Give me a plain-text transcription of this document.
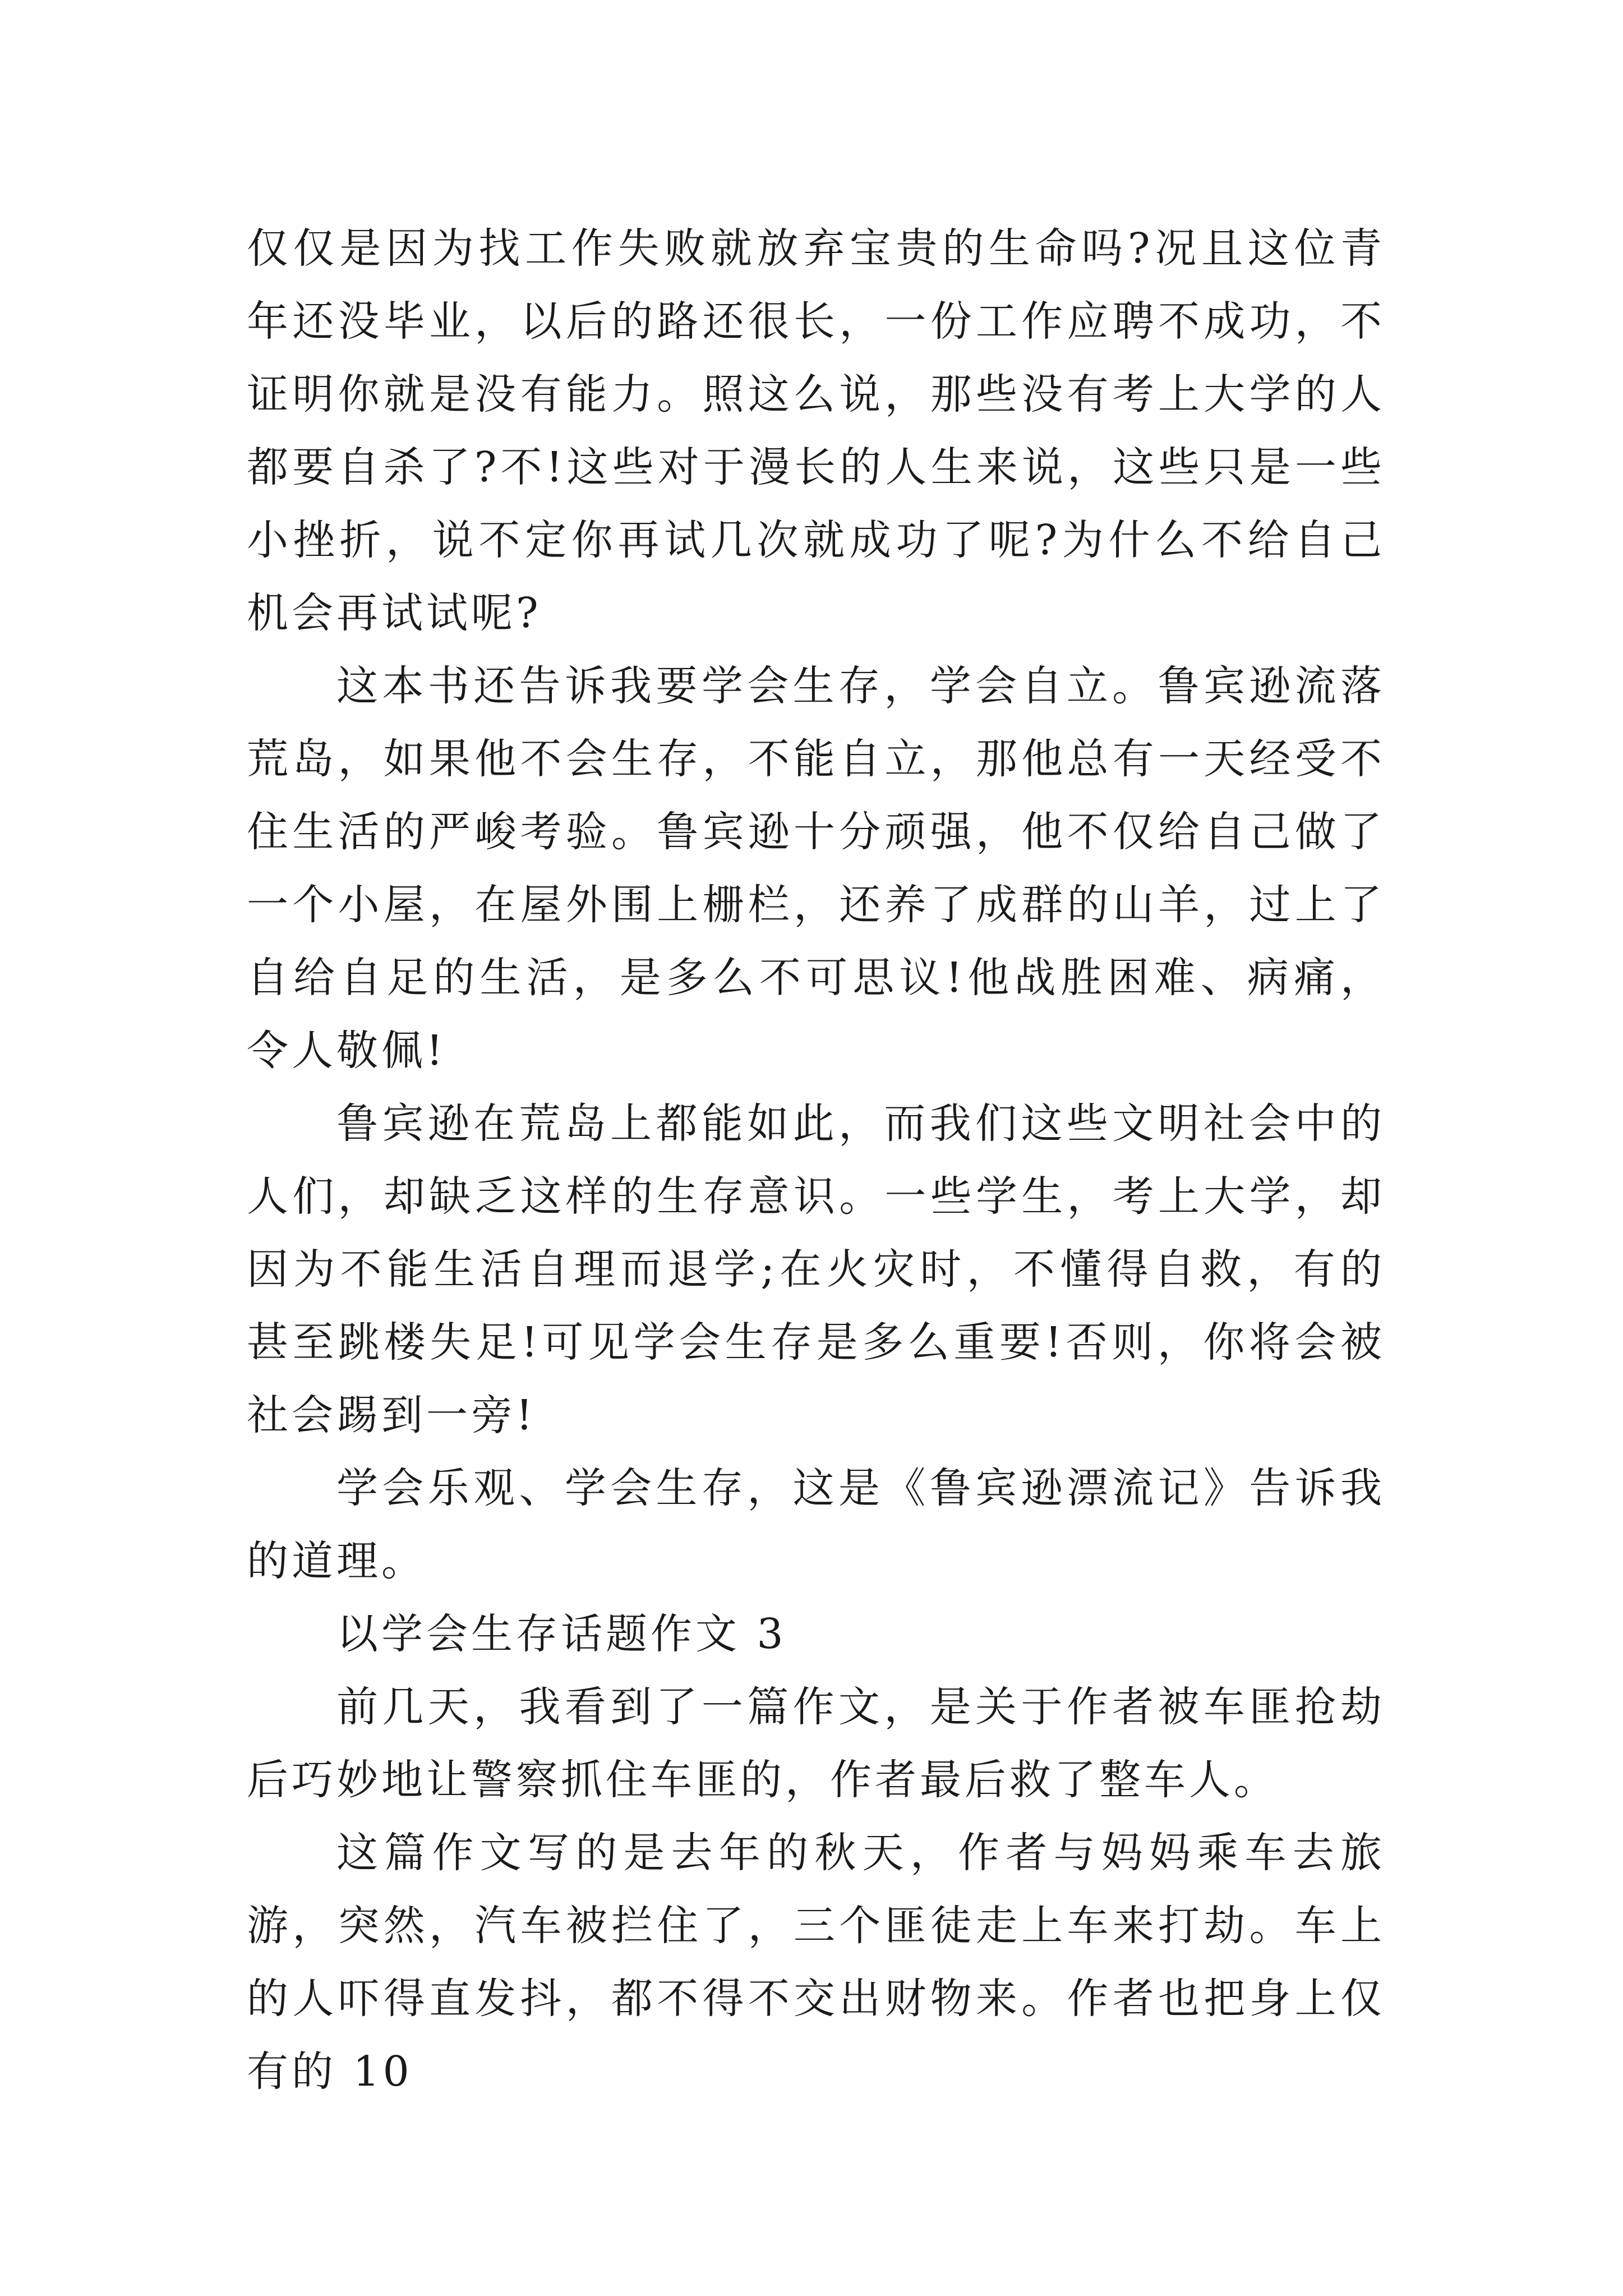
仅仅是因为找工作失败就放弃宝贵的生命吗?况且这位青年还没毕业，以后的路还很长，一份工作应聘不成功，不证明你就是没有能力。照这么说，那些没有考上大学的人都要自杀了?不!这些对于漫长的人生来说，这些只是一些小挫折，说不定你再试几次就成功了呢?为什么不给自己机会再试试呢?

这本书还告诉我要学会生存，学会自立。鲁宾逊流落荒岛，如果他不会生存，不能自立，那他总有一天经受不住生活的严峻考验。鲁宾逊十分顽强，他不仅给自己做了一个小屋，在屋外围上栅栏，还养了成群的山羊，过上了自给自足的生活，是多么不可思议!他战胜困难、病痛，令人敬佩!

鲁宾逊在荒岛上都能如此，而我们这些文明社会中的人们，却缺乏这样的生存意识。一些学生，考上大学，却因为不能生活自理而退学;在火灾时，不懂得自救，有的甚至跳楼失足!可见学会生存是多么重要!否则，你将会被社会踢到一旁!

学会乐观、学会生存，这是《鲁宾逊漂流记》告诉我的道理。

以学会生存话题作文 3

前几天，我看到了一篇作文，是关于作者被车匪抢劫后巧妙地让警察抓住车匪的，作者最后救了整车人。

这篇作文写的是去年的秋天，作者与妈妈乘车去旅游，突然，汽车被拦住了，三个匪徒走上车来打劫。车上的人吓得直发抖，都不得不交出财物来。作者也把身上仅有的 10
